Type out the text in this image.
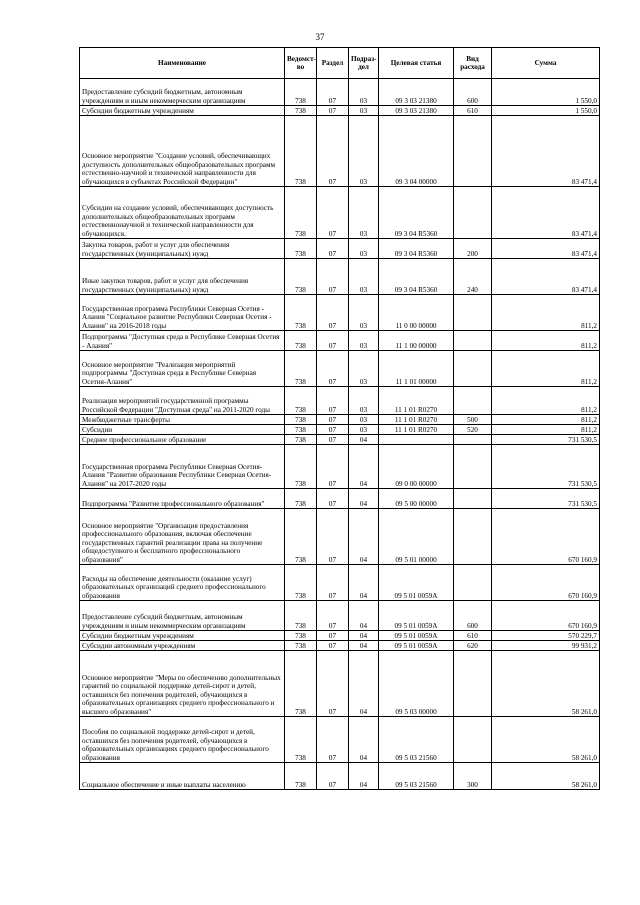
37
Наименование	Ведомст-во	Раздел	Подраз-дел	Целевая статья	Вид расхода	Сумма
Предоставление субсидий бюджетным, автономным учреждениям и иным некоммерческим организациям	738	07	03	09 3 03 21380	600	1 550,0
Субсидии бюджетным учреждениям	738	07	03	09 3 03 21380	610	1 550,0
Основное мероприятие "Создание условий, обеспечивающих доступность дополнительных общеобразовательных программ естественно-научной и технической направленности для обучающихся в субъектах Российской Федерации"	738	07	03	09 3 04 00000		83 471,4
Субсидии на создание условий, обеспечивающих доступность дополнительных общеобразовательных программ естественнонаучной и технической направленности для обучающихся.	738	07	03	09 3 04 R5360		83 471,4
Закупка товаров, работ и услуг для обеспечения государственных (муниципальных) нужд	738	07	03	09 3 04 R5360	200	83 471,4
Иные закупки товаров, работ и услуг для обеспечения государственных (муниципальных) нужд	738	07	03	09 3 04 R5360	240	83 471,4
Государственная программа Республики Северная Осетия - Алания "Социальное развитие Республики Северная Осетия - Алания" на 2016-2018 годы	738	07	03	11 0 00 00000		811,2
Подпрограмма "Доступная среда в Республике Северная Осетия - Алания"	738	07	03	11 1 00 00000		811,2
Основное мероприятие "Реализация мероприятий подпрограммы "Доступная среда в Республике Северная Осетия-Алания"	738	07	03	11 1 01 00000		811,2
Реализация мероприятий государственной программы Российской Федерации "Доступная среда" на 2011-2020 годы	738	07	03	11 1 01 R0270		811,2
Межбюджетные трансферты	738	07	03	11 1 01 R0270	500	811,2
Субсидии	738	07	03	11 1 01 R0270	520	811,2
Среднее профессиональное образование	738	07	04			731 530,5
Государственная программа Республики Северная Осетия-Алания "Развитие образования Республики Северная Осетия-Алания" на 2017-2020 годы	738	07	04	09 0 00 00000		731 530,5
Подпрограмма "Развитие профессионального образования"	738	07	04	09 5 00 00000		731 530,5
Основное мероприятие "Организация предоставления профессионального образования, включая обеспечение государственных гарантий реализации права на получение общедоступного и бесплатного профессионального образования"	738	07	04	09 5 01 00000		670 160,9
Расходы на обеспечение деятельности (оказание услуг) образовательных организаций среднего профессионального образования	738	07	04	09 5 01 0059А		670 160,9
Предоставление субсидий бюджетным, автономным учреждениям и иным некоммерческим организациям	738	07	04	09 5 01 0059А	600	670 160,9
Субсидии бюджетным учреждениям	738	07	04	09 5 01 0059А	610	570 229,7
Субсидии автономным учреждениям	738	07	04	09 5 01 0059А	620	99 931,2
Основное мероприятие "Меры по обеспечению дополнительных гарантий по социальной поддержке детей-сирот и детей, оставшихся без попечения родителей, обучающихся в образовательных организациях среднего профессионального и высшего образования"	738	07	04	09 5 03 00000		58 261,0
Пособия по социальной поддержке детей-сирот и детей, оставшихся без попечения родителей, обучающихся в образовательных организациях среднего профессионального образования	738	07	04	09 5 03 21560		58 261,0
Социальное обеспечение и иные выплаты населению	738	07	04	09 5 03 21560	300	58 261,0
